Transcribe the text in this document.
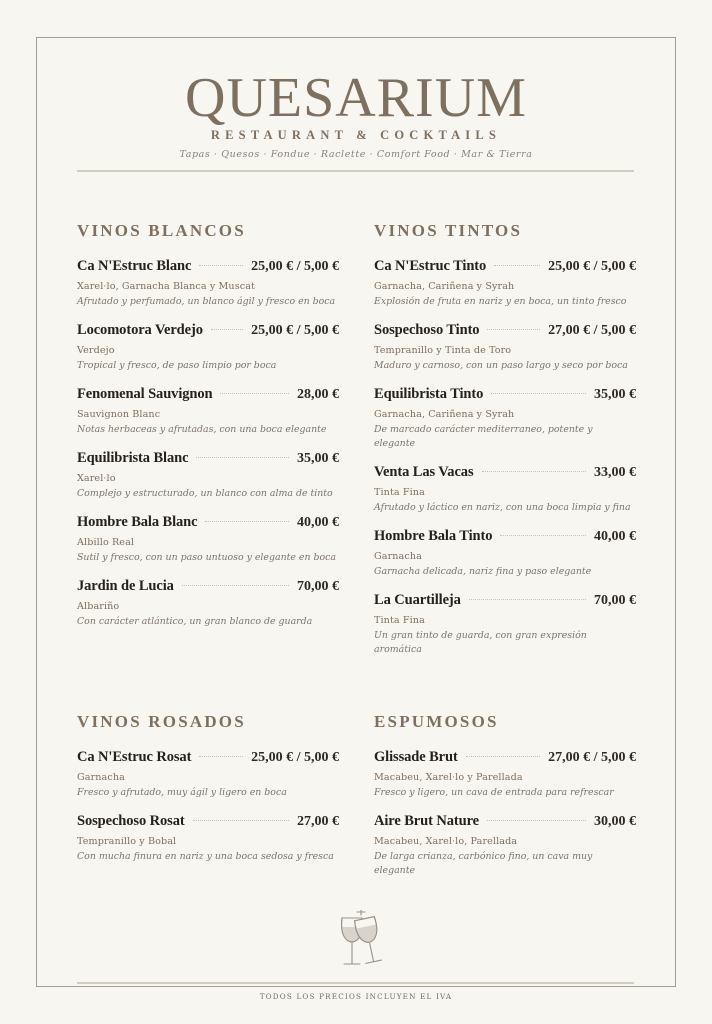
QUESARIUM
RESTAURANT & COCKTAILS
Tapas · Quesos · Fondue · Raclette · Comfort Food · Mar & Tierra
VINOS BLANCOS
Ca N'Estruc Blanc	25,00 € / 5,00 €
Xarel·lo, Garnacha Blanca y Muscat
Afrutado y perfumado, un blanco ágil y fresco en boca
Locomotora Verdejo	25,00 € / 5,00 €
Verdejo
Tropical y fresco, de paso limpio por boca
Fenomenal Sauvignon	28,00 €
Sauvignon Blanc
Notas herbaceas y afrutadas, con una boca elegante
Equilibrista Blanc	35,00 €
Xarel·lo
Complejo y estructurado, un blanco con alma de tinto
Hombre Bala Blanc	40,00 €
Albillo Real
Sutil y fresco, con un paso untuoso y elegante en boca
Jardin de Lucia	70,00 €
Albariño
Con carácter atlántico, un gran blanco de guarda
VINOS TINTOS
Ca N'Estruc Tinto	25,00 € / 5,00 €
Garnacha, Cariñena y Syrah
Explosión de fruta en nariz y en boca, un tinto fresco
Sospechoso Tinto	27,00 € / 5,00 €
Tempranillo y Tinta de Toro
Maduro y carnoso, con un paso largo y seco por boca
Equilibrista Tinto	35,00 €
Garnacha, Cariñena y Syrah
De marcado carácter mediterraneo, potente y elegante
Venta Las Vacas	33,00 €
Tinta Fina
Afrutado y láctico en nariz, con una boca limpia y fina
Hombre Bala Tinto	40,00 €
Garnacha
Garnacha delicada, nariz fina y paso elegante
La Cuartilleja	70,00 €
Tinta Fina
Un gran tinto de guarda, con gran expresión aromática
VINOS ROSADOS
Ca N'Estruc Rosat	25,00 € / 5,00 €
Garnacha
Fresco y afrutado, muy ágil y ligero en boca
Sospechoso Rosat	27,00 €
Tempranillo y Bobal
Con mucha finura en nariz y una boca sedosa y fresca
ESPUMOSOS
Glissade Brut	27,00 € / 5,00 €
Macabeu, Xarel·lo y Parellada
Fresco y ligero, un cava de entrada para refrescar
Aire Brut Nature	30,00 €
Macabeu, Xarel·lo, Parellada
De larga crianza, carbónico fino, un cava muy elegante
TODOS LOS PRECIOS INCLUYEN EL IVA
